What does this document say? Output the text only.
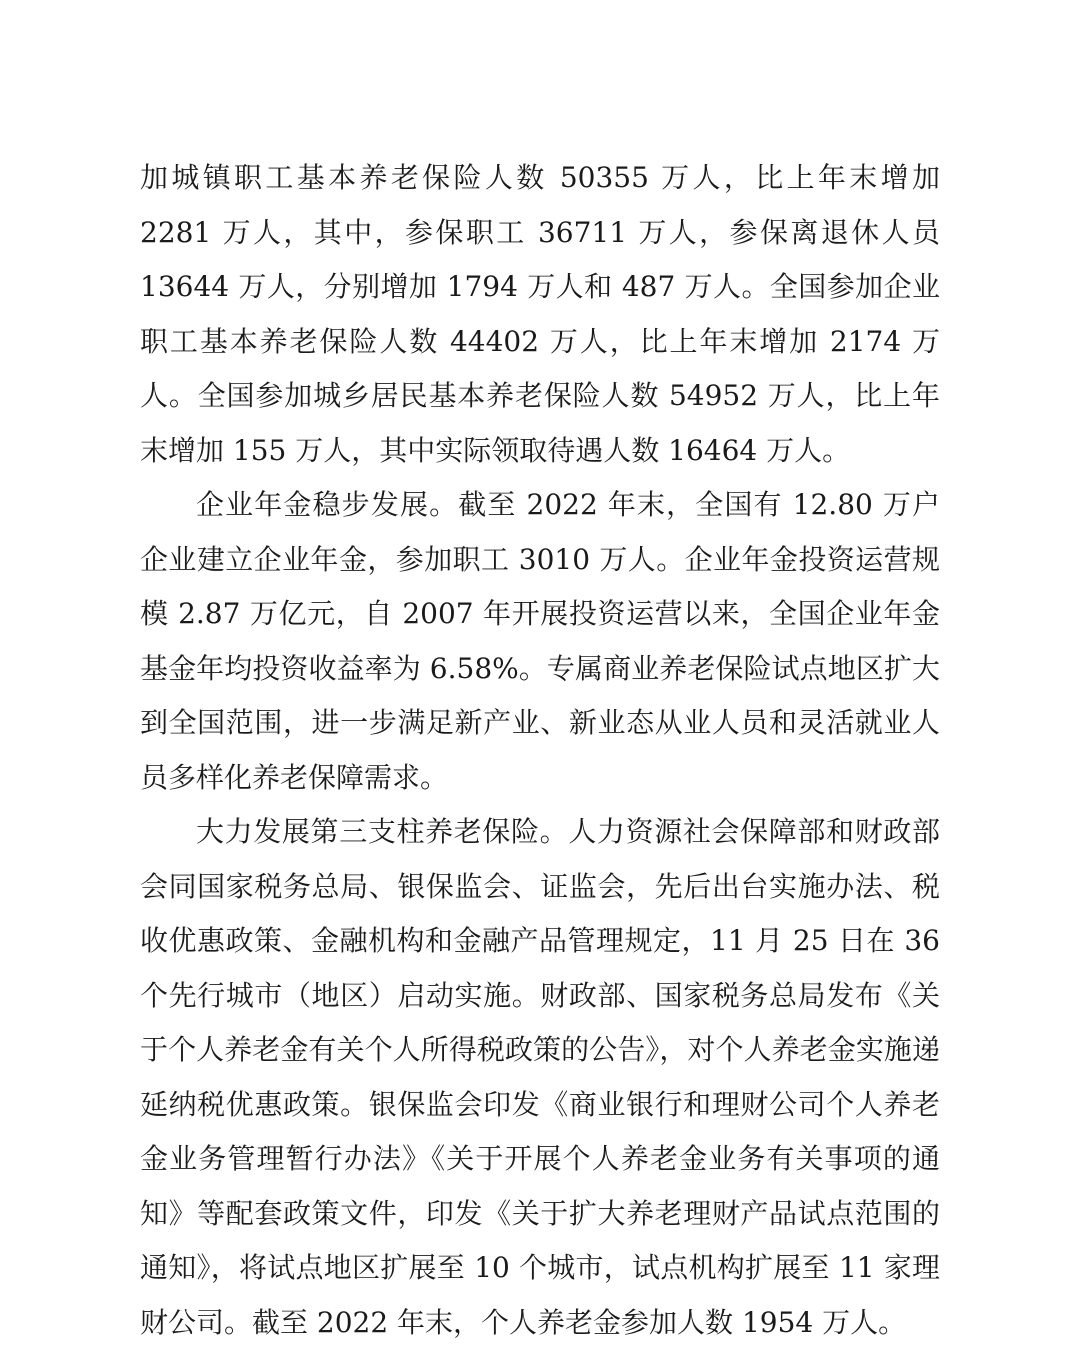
加城镇职工基本养老保险人数 50355 万人，比上年末增加 2281 万人，其中，参保职工 36711 万人，参保离退休人员 13644 万人，分别增加 1794 万人和 487 万人。全国参加企业职工基本养老保险人数 44402 万人，比上年末增加 2174 万人。全国参加城乡居民基本养老保险人数 54952 万人，比上年末增加 155 万人，其中实际领取待遇人数 16464 万人。

企业年金稳步发展。截至 2022 年末，全国有 12.80 万户企业建立企业年金，参加职工 3010 万人。企业年金投资运营规模 2.87 万亿元，自 2007 年开展投资运营以来，全国企业年金基金年均投资收益率为 6.58%。专属商业养老保险试点地区扩大到全国范围，进一步满足新产业、新业态从业人员和灵活就业人员多样化养老保障需求。

大力发展第三支柱养老保险。人力资源社会保障部和财政部会同国家税务总局、银保监会、证监会，先后出台实施办法、税收优惠政策、金融机构和金融产品管理规定，11 月 25 日在 36 个先行城市（地区）启动实施。财政部、国家税务总局发布《关于个人养老金有关个人所得税政策的公告》，对个人养老金实施递延纳税优惠政策。银保监会印发《商业银行和理财公司个人养老金业务管理暂行办法》《关于开展个人养老金业务有关事项的通知》等配套政策文件，印发《关于扩大养老理财产品试点范围的通知》，将试点地区扩展至 10 个城市，试点机构扩展至 11 家理财公司。截至 2022 年末，个人养老金参加人数 1954 万人。
